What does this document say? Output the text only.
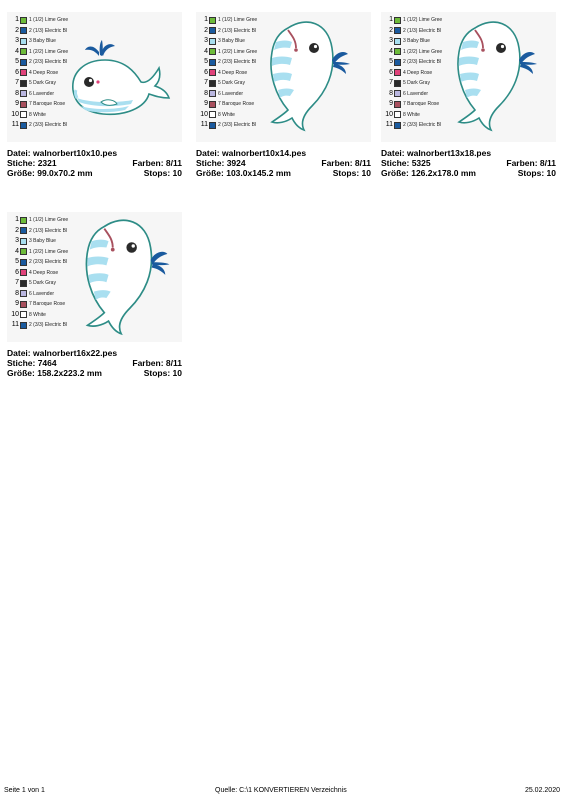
1 1 (1/2) Lime Gree
2 2 (1/3) Electric Bl
3 3 Baby Blue
4 1 (2/2) Lime Gree
5 2 (2/3) Electric Bl
6 4 Deep Rose
7 5 Dark Gray
8 6 Lavender
9 7 Baroque Rose
10 8 White
11 2 (3/3) Electric Bl
Datei: walnorbert10x10.pes
Stiche: 2321	Farben: 8/11
Größe: 99.0x70.2 mm	Stops: 10
1 1 (1/2) Lime Gree
2 2 (1/3) Electric Bl
3 3 Baby Blue
4 1 (2/2) Lime Gree
5 2 (2/3) Electric Bl
6 4 Deep Rose
7 5 Dark Gray
8 6 Lavender
9 7 Baroque Rose
10 8 White
11 2 (3/3) Electric Bl
Datei: walnorbert10x14.pes
Stiche: 3924	Farben: 8/11
Größe: 103.0x145.2 mm	Stops: 10
1 1 (1/2) Lime Gree
2 2 (1/3) Electric Bl
3 3 Baby Blue
4 1 (2/2) Lime Gree
5 2 (2/3) Electric Bl
6 4 Deep Rose
7 5 Dark Gray
8 6 Lavender
9 7 Baroque Rose
10 8 White
11 2 (3/3) Electric Bl
Datei: walnorbert13x18.pes
Stiche: 5325	Farben: 8/11
Größe: 126.2x178.0 mm	Stops: 10
1 1 (1/2) Lime Gree
2 2 (1/3) Electric Bl
3 3 Baby Blue
4 1 (2/2) Lime Gree
5 2 (2/3) Electric Bl
6 4 Deep Rose
7 5 Dark Gray
8 6 Lavender
9 7 Baroque Rose
10 8 White
11 2 (3/3) Electric Bl
Datei: walnorbert16x22.pes
Stiche: 7464	Farben: 8/11
Größe: 158.2x223.2 mm	Stops: 10
Seite 1 von 1	Quelle: C:\1 KONVERTIEREN Verzeichnis	25.02.2020
